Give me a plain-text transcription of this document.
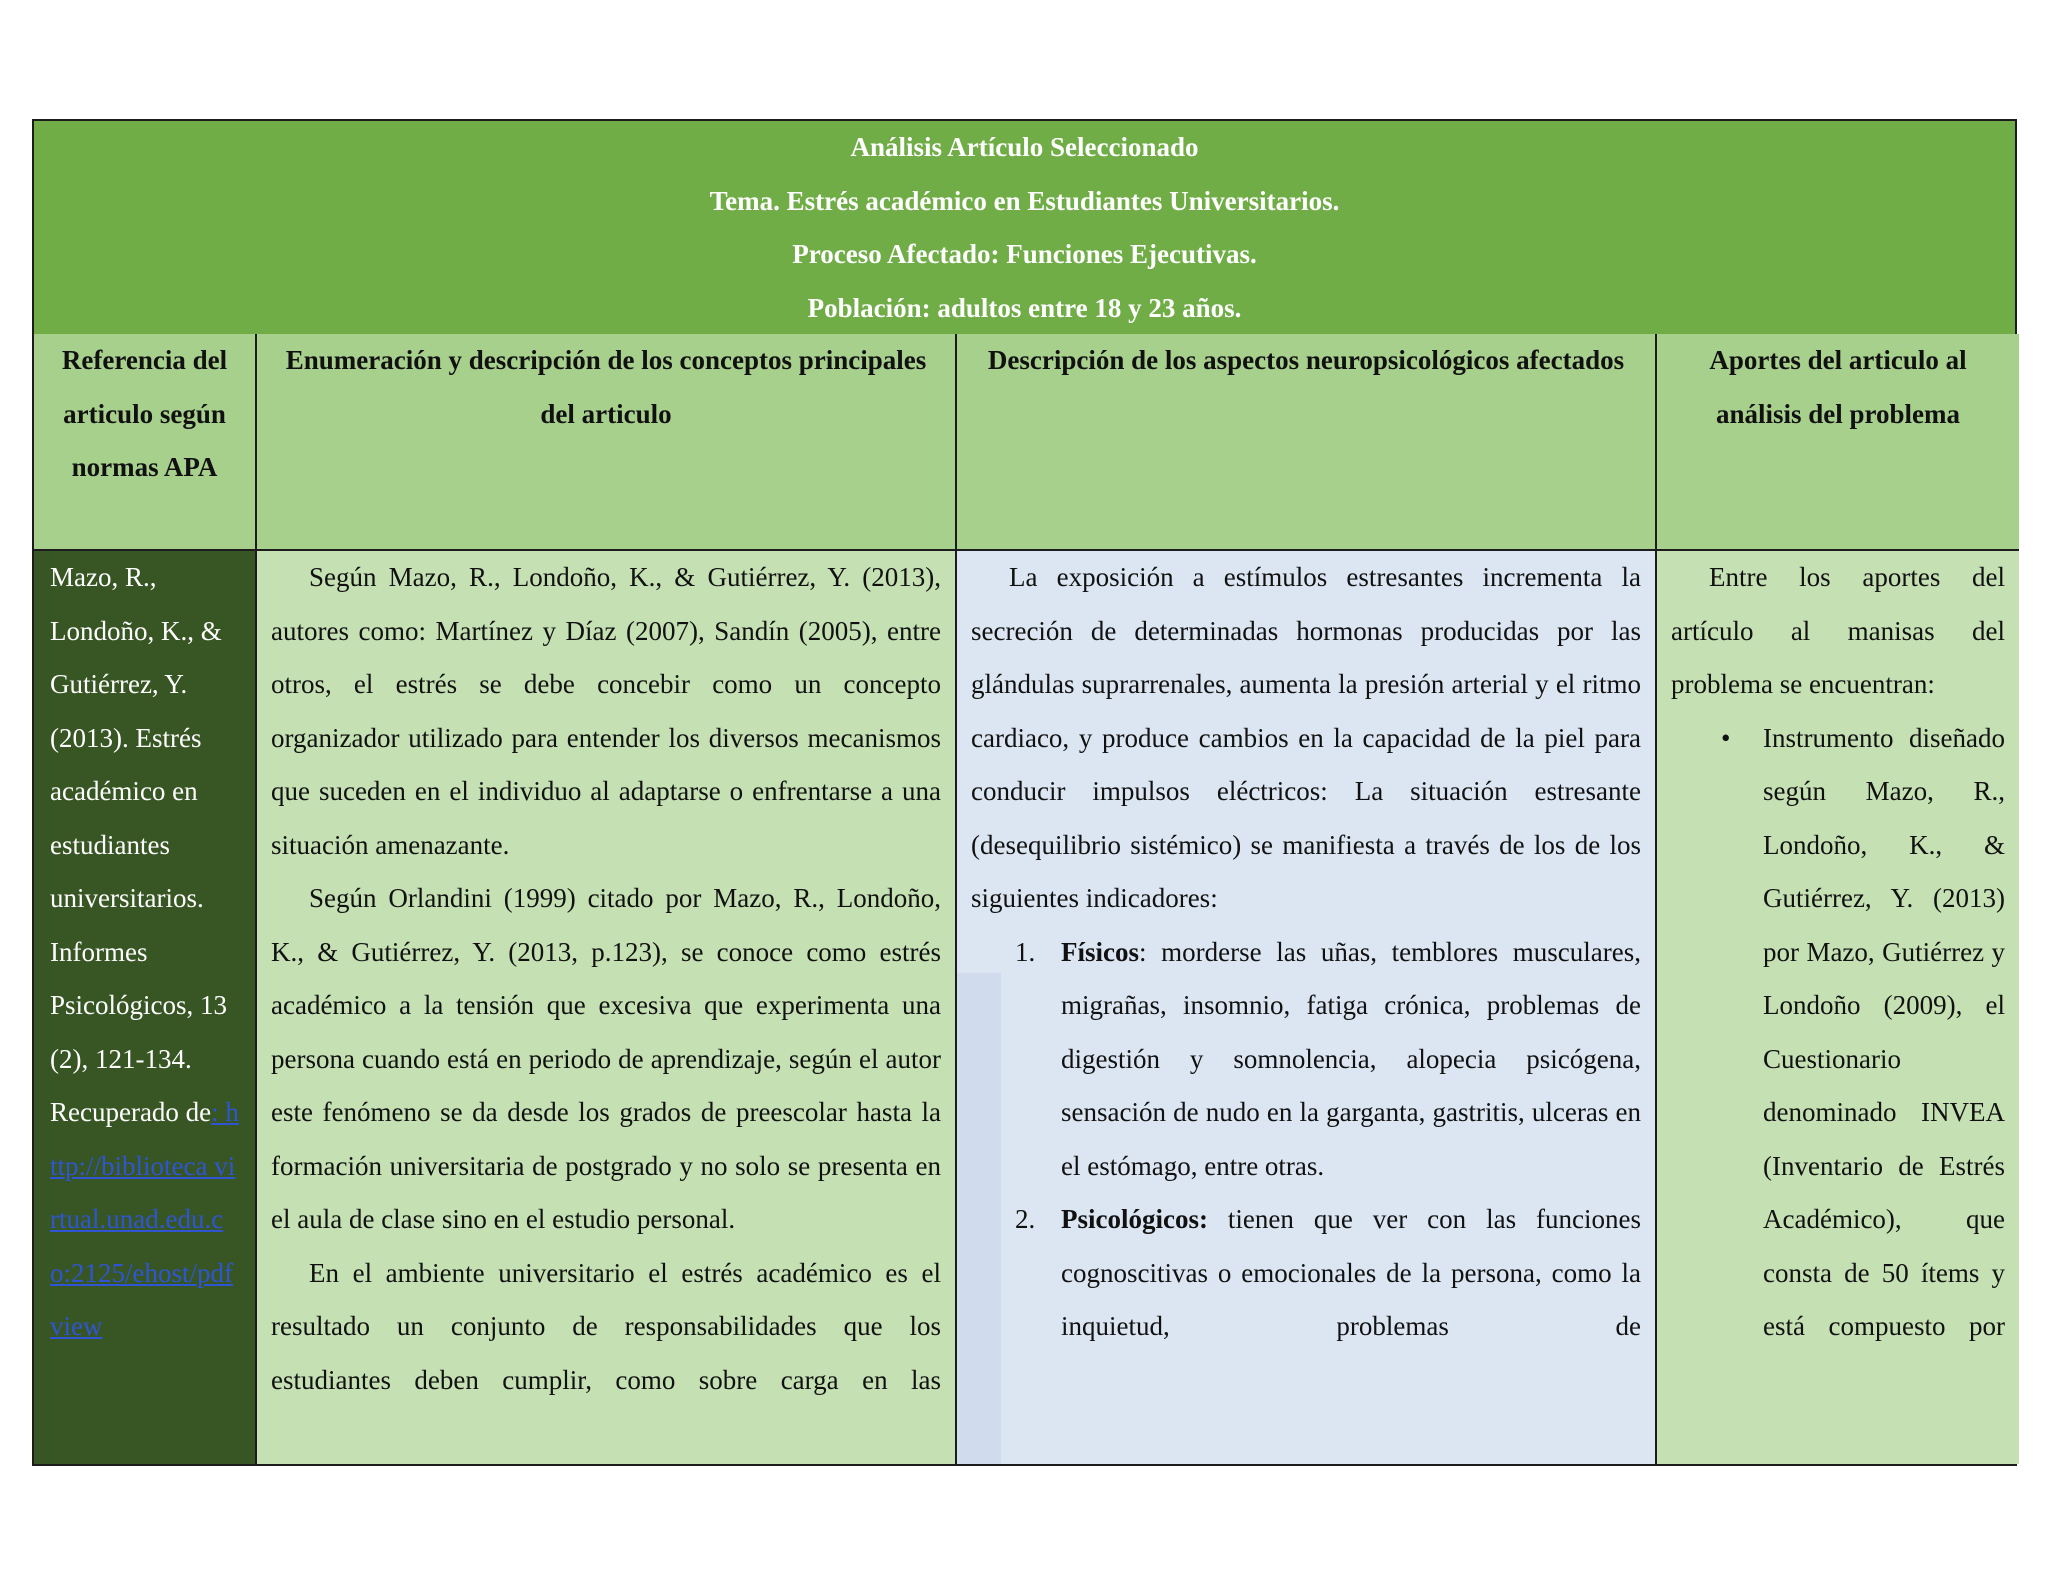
Análisis Artículo Seleccionado
Tema. Estrés académico en Estudiantes Universitarios.
Proceso Afectado: Funciones Ejecutivas.
Población: adultos entre 18 y 23 años.
Referencia del articulo según normas APA
Mazo, R., Londoño, K., & Gutiérrez, Y. (2013). Estrés académico en estudiantes universitarios. Informes Psicológicos, 13 (2), 121-134. Recuperado de: http://biblioteca virtual.unad.edu.co:2125/ehost/pdfview
Enumeración y descripción de los conceptos principales del articulo

Según Mazo, R., Londoño, K., & Gutiérrez, Y. (2013), autores como: Martínez y Díaz (2007), Sandín (2005), entre otros, el estrés se debe concebir como un concepto organizador utilizado para entender los diversos mecanismos que suceden en el individuo al adaptarse o enfrentarse a una situación amenazante.

Según Orlandini (1999) citado por Mazo, R., Londoño, K., & Gutiérrez, Y. (2013, p.123), se conoce como estrés académico a la tensión que excesiva que experimenta una persona cuando está en periodo de aprendizaje, según el autor este fenómeno se da desde los grados de preescolar hasta la formación universitaria de postgrado y no solo se presenta en el aula de clase sino en el estudio personal.

En el ambiente universitario el estrés académico es el resultado un conjunto de responsabilidades que los estudiantes deben cumplir, como sobre carga en las

Descripción de los aspectos neuropsicológicos afectados

La exposición a estímulos estresantes incrementa la secreción de determinadas hormonas producidas por las glándulas suprarrenales, aumenta la presión arterial y el ritmo cardiaco, y produce cambios en la capacidad de la piel para conducir impulsos eléctricos: La situación estresante (desequilibrio sistémico) se manifiesta a través de los de los siguientes indicadores:

1. Físicos: morderse las uñas, temblores musculares, migrañas, insomnio, fatiga crónica, problemas de digestión y somnolencia, alopecia psicógena, sensación de nudo en la garganta, gastritis, ulceras en el estómago, entre otras.
2. Psicológicos: tienen que ver con las funciones cognoscitivas o emocionales de la persona, como la inquietud, problemas de
Aportes del articulo al análisis del problema

Entre los aportes del artículo al manisas del problema se encuentran:

• Instrumento diseñado según Mazo, R., Londoño, K., & Gutiérrez, Y. (2013) por Mazo, Gutiérrez y Londoño (2009), el Cuestionario denominado INVEA (Inventario de Estrés Académico), que consta de 50 ítems y está compuesto por
